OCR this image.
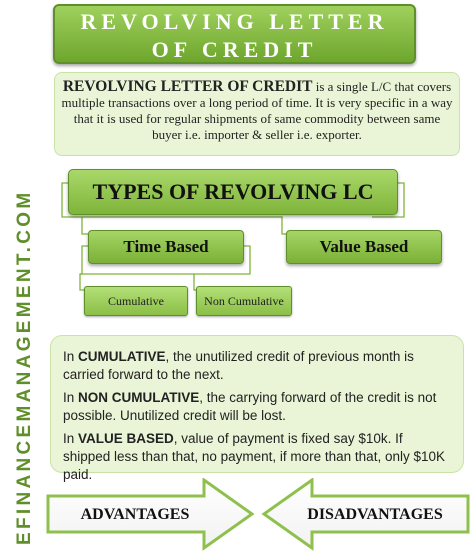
EFINANCEMANAGEMENT.COM
REVOLVING LETTER
OF CREDIT
REVOLVING LETTER OF CREDIT is a single L/C that covers multiple transactions over a long period of time. It is very specific in a way that it is used for regular shipments of same commodity between same buyer i.e. importer & seller i.e. exporter.
TYPES OF REVOLVING LC
Time Based	Value Based
Cumulative	Non Cumulative

In CUMULATIVE, the unutilized credit of previous month is carried forward to the next.

In NON CUMULATIVE, the carrying forward of the credit is not possible. Unutilized credit will be lost.

In VALUE BASED, value of payment is fixed say $10k. If shipped less than that, no payment, if more than that, only $10K paid.

ADVANTAGES	DISADVANTAGES
